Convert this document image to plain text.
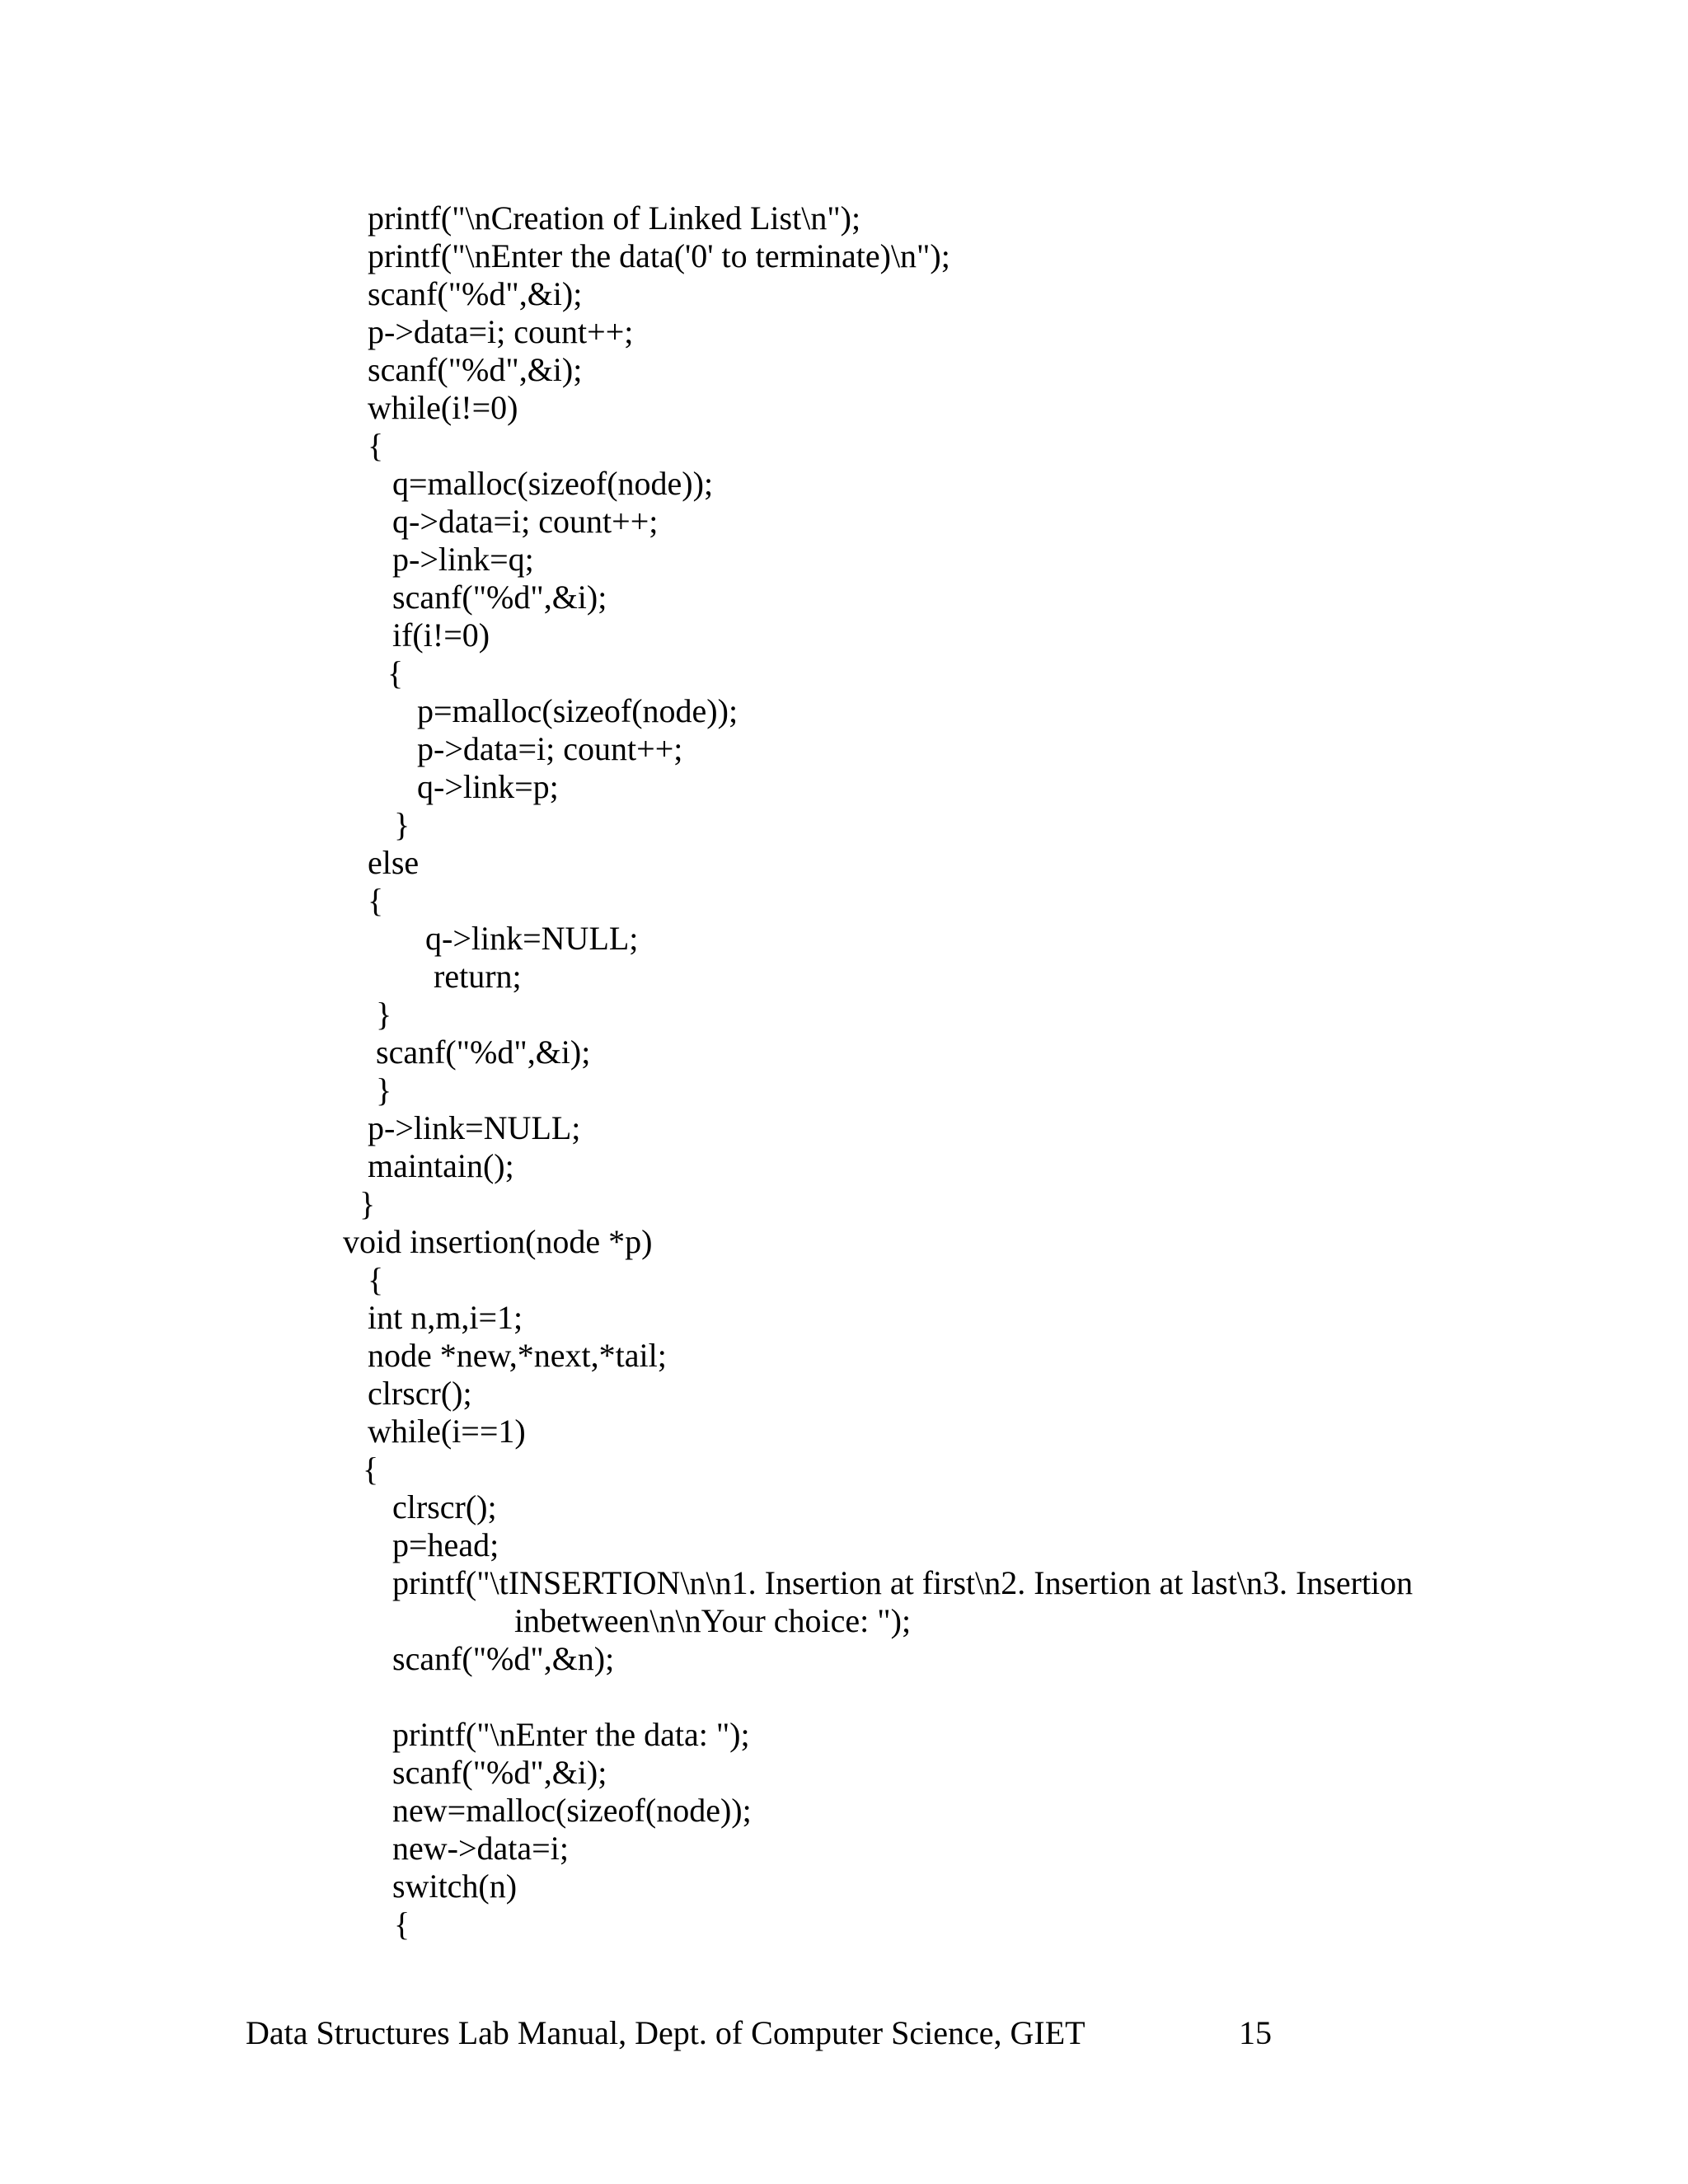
printf("\nCreation of Linked List\n");
printf("\nEnter the data('0' to terminate)\n");
scanf("%d",&i);
p->data=i; count++;
scanf("%d",&i);
while(i!=0)
{
q=malloc(sizeof(node));
q->data=i; count++;
p->link=q;
scanf("%d",&i);
if(i!=0)
{
p=malloc(sizeof(node));
p->data=i; count++;
q->link=p;
}
else
{
q->link=NULL;
return;
}
scanf("%d",&i);
}
p->link=NULL;
maintain();
}
void insertion(node *p)
{
int n,m,i=1;
node *new,*next,*tail;
clrscr();
while(i==1)
{
clrscr();
p=head;
printf("\tINSERTION\n\n1. Insertion at first\n2. Insertion at last\n3. Insertion
inbetween\n\nYour choice: ");
scanf("%d",&n);
printf("\nEnter the data: ");
scanf("%d",&i);
new=malloc(sizeof(node));
new->data=i;
switch(n)
{
Data Structures Lab Manual, Dept. of Computer Science, GIET	15
